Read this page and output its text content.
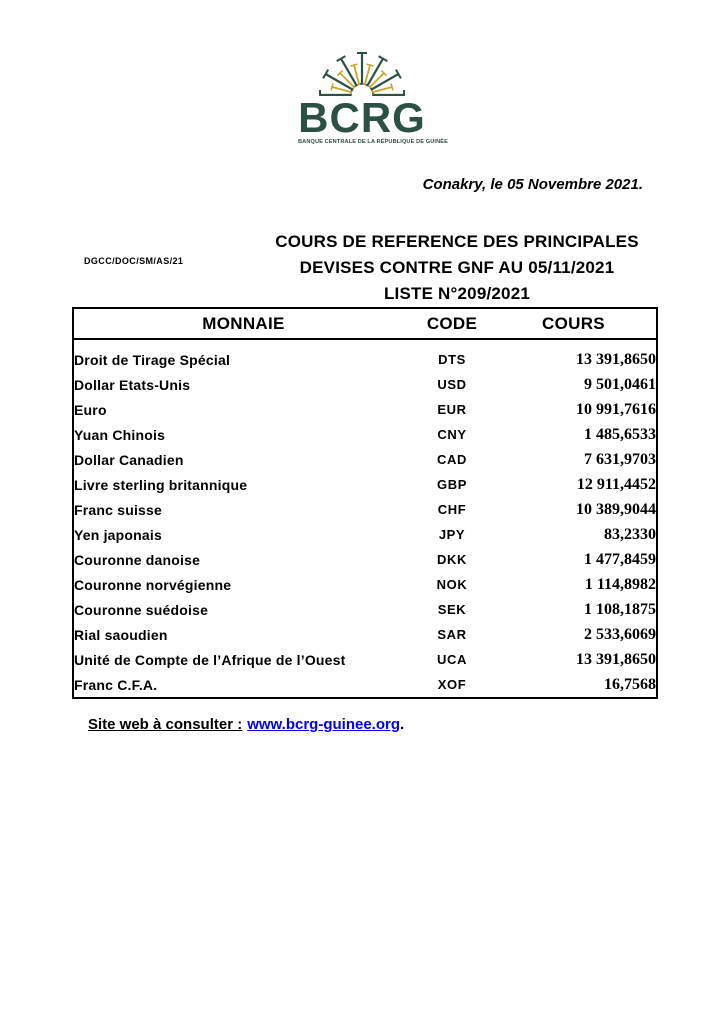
BCRG
BANQUE CENTRALE DE LA RÉPUBLIQUE DE GUINÉE
Conakry, le 05 Novembre 2021.
DGCC/DOC/SM/AS/21
COURS DE REFERENCE DES PRINCIPALES
DEVISES CONTRE GNF AU 05/11/2021
LISTE N°209/2021
MONNAIE	CODE	COURS
Droit de Tirage Spécial	DTS	13 391,8650
Dollar Etats-Unis	USD	9 501,0461
Euro	EUR	10 991,7616
Yuan Chinois	CNY	1 485,6533
Dollar Canadien	CAD	7 631,9703
Livre sterling britannique	GBP	12 911,4452
Franc suisse	CHF	10 389,9044
Yen japonais	JPY	83,2330
Couronne danoise	DKK	1 477,8459
Couronne norvégienne	NOK	1 114,8982
Couronne suédoise	SEK	1 108,1875
Rial saoudien	SAR	2 533,6069
Unité de Compte de l’Afrique de l’Ouest	UCA	13 391,8650
Franc C.F.A.	XOF	16,7568
Site web à consulter : www.bcrg-guinee.org.
